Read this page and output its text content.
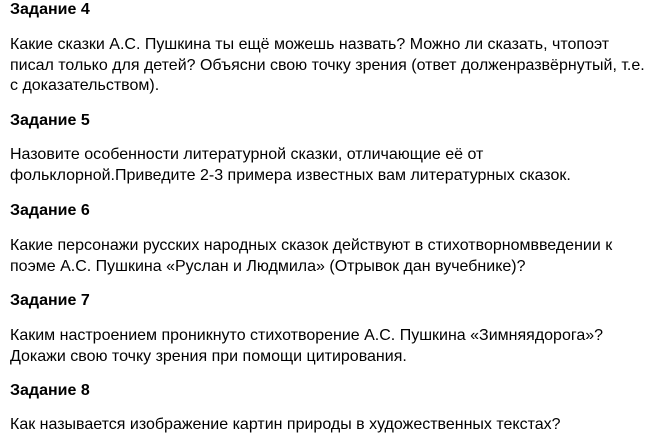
Задание 4
Какие сказки А.С. Пушкина ты ещё можешь назвать? Можно ли сказать, чтопоэт
писал только для детей? Объясни свою точку зрения (ответ долженразвёрнутый, т.е.
с доказательством).
Задание 5
Назовите особенности литературной сказки, отличающие её от
фольклорной.Приведите 2-3 примера известных вам литературных сказок.
Задание 6
Какие персонажи русских народных сказок действуют в стихотворномвведении к
поэме А.С. Пушкина «Руслан и Людмила» (Отрывок дан вучебнике)?
Задание 7
Каким настроением проникнуто стихотворение А.С. Пушкина «Зимняядорога»?
Докажи свою точку зрения при помощи цитирования.
Задание 8
Как называется изображение картин природы в художественных текстах?
